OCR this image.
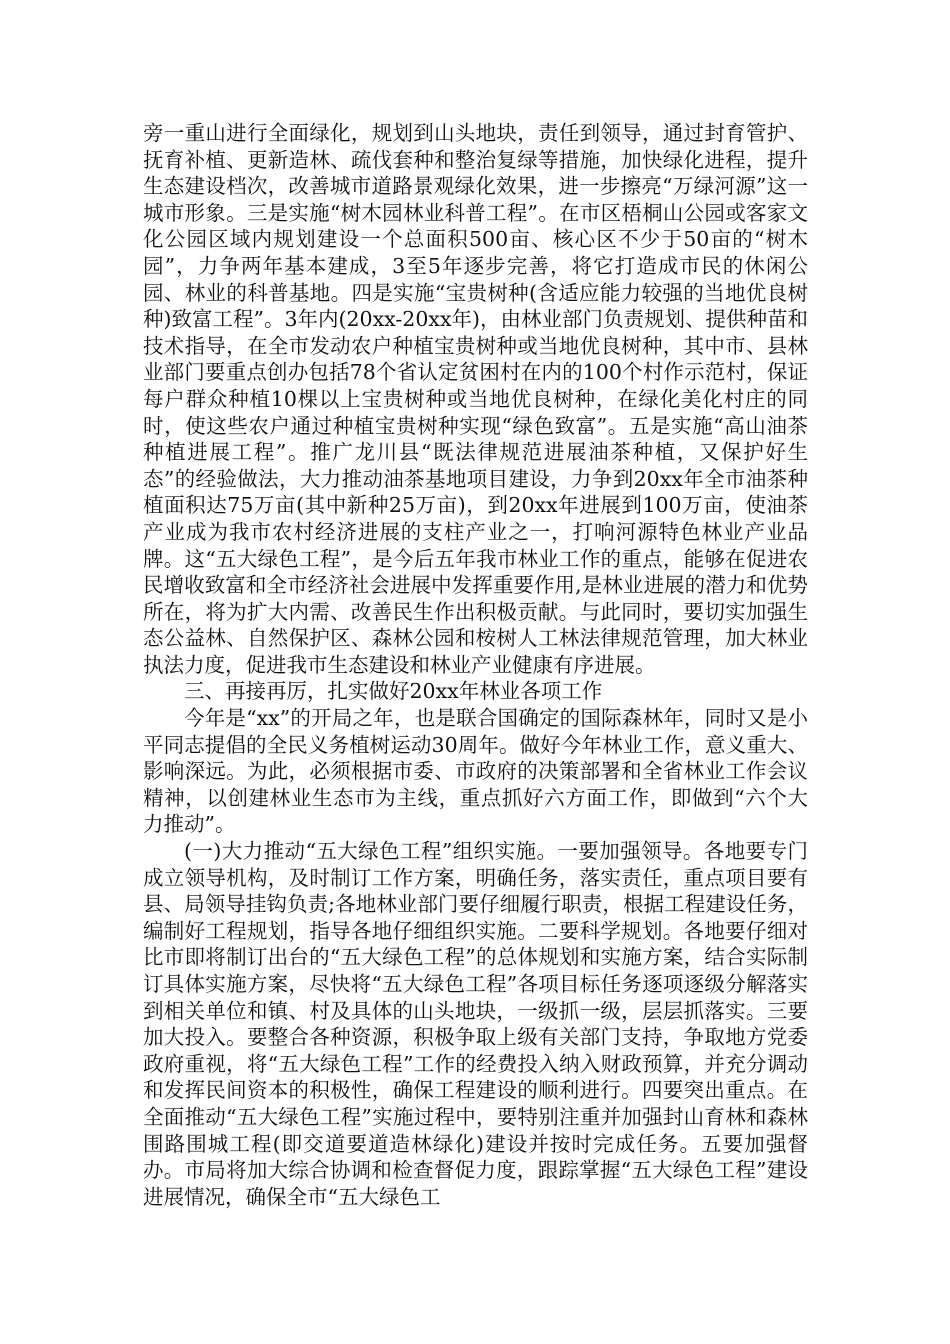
旁一重山进行全面绿化，规划到山头地块，责任到领导，通过封育管护、抚育补植、更新造林、疏伐套种和整治复绿等措施，加快绿化进程，提升生态建设档次，改善城市道路景观绿化效果，进一步擦亮“万绿河源”这一城市形象。三是实施“树木园林业科普工程”。在市区梧桐山公园或客家文化公园区域内规划建设一个总面积500亩、核心区不少于50亩的“树木园”，力争两年基本建成，3至5年逐步完善，将它打造成市民的休闲公园、林业的科普基地。四是实施“宝贵树种(含适应能力较强的当地优良树种)致富工程”。3年内(20xx-20xx年)，由林业部门负责规划、提供种苗和技术指导，在全市发动农户种植宝贵树种或当地优良树种，其中市、县林业部门要重点创办包括78个省认定贫困村在内的100个村作示范村，保证每户群众种植10棵以上宝贵树种或当地优良树种，在绿化美化村庄的同时，使这些农户通过种植宝贵树种实现“绿色致富”。五是实施“高山油茶种植进展工程”。推广龙川县“既法律规范进展油茶种植，又保护好生态”的经验做法，大力推动油茶基地项目建设，力争到20xx年全市油茶种植面积达75万亩(其中新种25万亩)，到20xx年进展到100万亩，使油茶产业成为我市农村经济进展的支柱产业之一，打响河源特色林业产业品牌。这“五大绿色工程”，是今后五年我市林业工作的重点，能够在促进农民增收致富和全市经济社会进展中发挥重要作用,是林业进展的潜力和优势所在，将为扩大内需、改善民生作出积极贡献。与此同时，要切实加强生态公益林、自然保护区、森林公园和桉树人工林法律规范管理，加大林业执法力度，促进我市生态建设和林业产业健康有序进展。

三、再接再厉，扎实做好20xx年林业各项工作

今年是“xx”的开局之年，也是联合国确定的国际森林年，同时又是小平同志提倡的全民义务植树运动30周年。做好今年林业工作，意义重大、影响深远。为此，必须根据市委、市政府的决策部署和全省林业工作会议精神，以创建林业生态市为主线，重点抓好六方面工作，即做到“六个大力推动”。

(一)大力推动“五大绿色工程”组织实施。一要加强领导。各地要专门成立领导机构，及时制订工作方案，明确任务，落实责任，重点项目要有县、局领导挂钩负责;各地林业部门要仔细履行职责，根据工程建设任务，编制好工程规划，指导各地仔细组织实施。二要科学规划。各地要仔细对比市即将制订出台的“五大绿色工程”的总体规划和实施方案，结合实际制订具体实施方案，尽快将“五大绿色工程”各项目标任务逐项逐级分解落实到相关单位和镇、村及具体的山头地块，一级抓一级，层层抓落实。三要加大投入。要整合各种资源，积极争取上级有关部门支持，争取地方党委政府重视，将“五大绿色工程”工作的经费投入纳入财政预算，并充分调动和发挥民间资本的积极性，确保工程建设的顺利进行。四要突出重点。在全面推动“五大绿色工程”实施过程中，要特别注重并加强封山育林和森林围路围城工程(即交道要道造林绿化)建设并按时完成任务。五要加强督办。市局将加大综合协调和检查督促力度，跟踪掌握“五大绿色工程”建设进展情况，确保全市“五大绿色工
